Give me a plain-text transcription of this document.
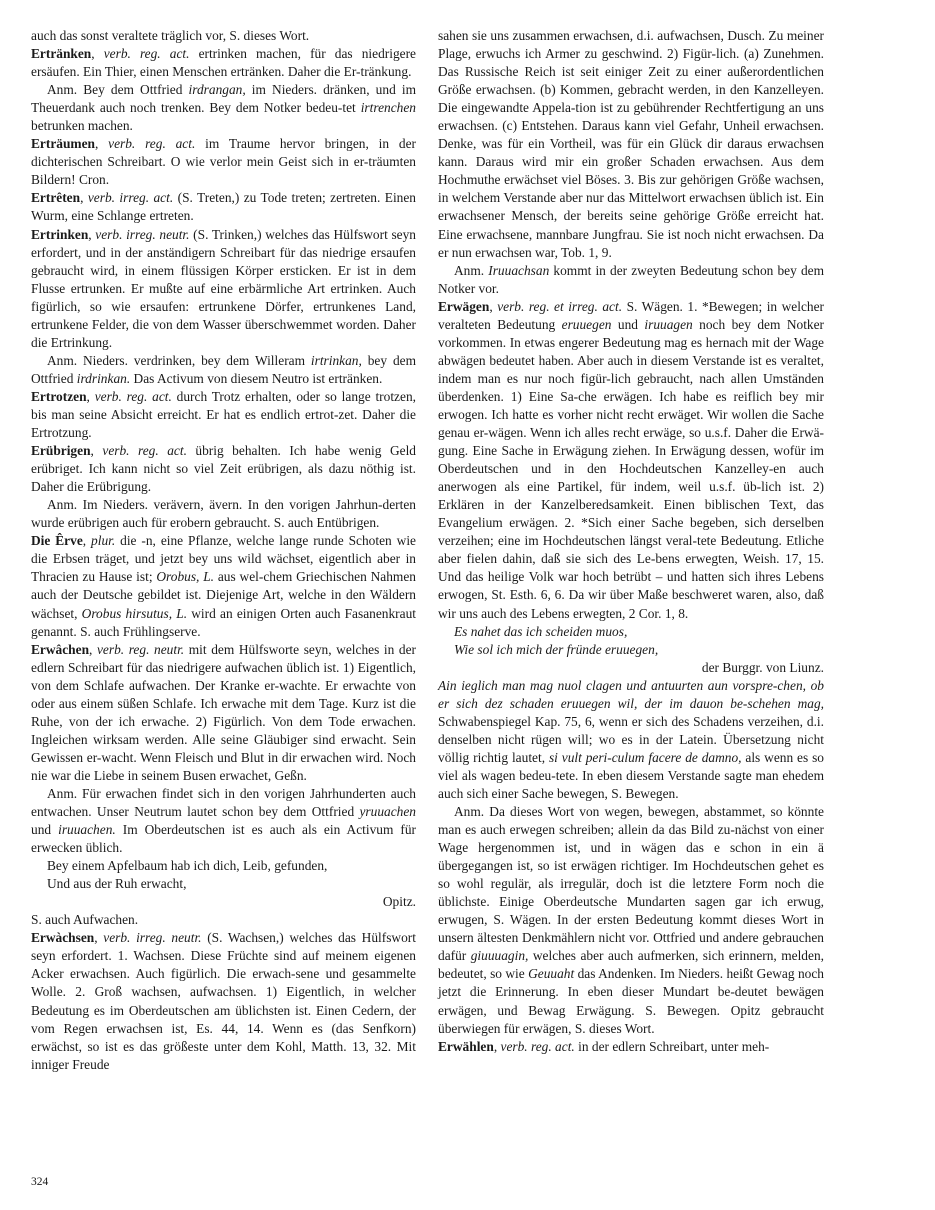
auch das sonst veraltete träglich vor, S. dieses Wort.

Ertränken, verb. reg. act. ertrinken machen, für das niedrigere ersäufen. Ein Thier, einen Menschen ertränken. Daher die Er-tränkung.

Anm. Bey dem Ottfried irdrangan, im Nieders. dränken, und im Theuerdank auch noch trenken. Bey dem Notker bedeu-tet irtrenchen betrunken machen.

Erträumen, verb. reg. act. im Traume hervor bringen, in der dichterischen Schreibart. O wie verlor mein Geist sich in er-träumten Bildern! Cron.

Ertrêten, verb. irreg. act. (S. Treten,) zu Tode treten; zertreten. Einen Wurm, eine Schlange ertreten.

Ertrinken, verb. irreg. neutr. (S. Trinken,) welches das Hülfswort seyn erfordert, und in der anständigern Schreibart für das niedrige ersaufen gebraucht wird, in einem flüssigen Körper ersticken. Er ist in dem Flusse ertrunken. Er mußte auf eine erbärmliche Art ertrinken. Auch figürlich, so wie ersaufen: ertrunkene Dörfer, ertrunkenes Land, ertrunkene Felder, die von dem Wasser überschwemmet worden. Daher die Ertrinkung.

Anm. Nieders. verdrinken, bey dem Willeram irtrinkan, bey dem Ottfried irdrinkan. Das Activum von diesem Neutro ist ertränken.

Ertrotzen, verb. reg. act. durch Trotz erhalten, oder so lange trotzen, bis man seine Absicht erreicht. Er hat es endlich ertrot-zet. Daher die Ertrotzung.

Erübrigen, verb. reg. act. übrig behalten. Ich habe wenig Geld erübriget. Ich kann nicht so viel Zeit erübrigen, als dazu nöthig ist. Daher die Erübrigung.

Anm. Im Nieders. verävern, ävern. In den vorigen Jahrhun-derten wurde erübrigen auch für erobern gebraucht. S. auch Entübrigen.

Die Êrve, plur. die -n, eine Pflanze, welche lange runde Schoten wie die Erbsen träget, und jetzt bey uns wild wächset, eigentlich aber in Thracien zu Hause ist; Orobus, L. aus wel-chem Griechischen Nahmen auch der Deutsche gebildet ist. Diejenige Art, welche in den Wäldern wächset, Orobus hirsutus, L. wird an einigen Orten auch Fasanenkraut genannt. S. auch Frühlingserve.

Erwâchen, verb. reg. neutr. mit dem Hülfsworte seyn, welches in der edlern Schreibart für das niedrigere aufwachen üblich ist. 1) Eigentlich, von dem Schlafe aufwachen. Der Kranke er-wachte. Er erwachte von oder aus einem süßen Schlafe. Ich erwache mit dem Tage. Kurz ist die Ruhe, von der ich erwache. 2) Figürlich. Von dem Tode erwachen. Ingleichen wirksam werden. Alle seine Gläubiger sind erwacht. Sein Gewissen er-wacht. Wenn Fleisch und Blut in dir erwachen wird. Noch nie war die Liebe in seinem Busen erwachet, Geßn.

Anm. Für erwachen findet sich in den vorigen Jahrhunderten auch entwachen. Unser Neutrum lautet schon bey dem Ottfried yruuachen und iruuachen. Im Oberdeutschen ist es auch als ein Activum für erwecken üblich.

Bey einem Apfelbaum hab ich dich, Leib, gefunden,

Und aus der Ruh erwacht,

Opitz.

S. auch Aufwachen.

Erwàchsen, verb. irreg. neutr. (S. Wachsen,) welches das Hülfswort seyn erfordert. 1. Wachsen. Diese Früchte sind auf meinem eigenen Acker erwachsen. Auch figürlich. Die erwach-sene und gesammelte Wolle. 2. Groß wachsen, aufwachsen. 1) Eigentlich, in welcher Bedeutung es im Oberdeutschen am üblichsten ist. Einen Cedern, der vom Regen erwachsen ist, Es. 44, 14. Wenn es (das Senfkorn) erwächst, so ist es das größeste unter dem Kohl, Matth. 13, 32. Mit inniger Freude

sahen sie uns zusammen erwachsen, d.i. aufwachsen, Dusch. Zu meiner Plage, erwuchs ich Armer zu geschwind. 2) Figür-lich. (a) Zunehmen. Das Russische Reich ist seit einiger Zeit zu einer außerordentlichen Größe erwachsen. (b) Kommen, gebracht werden, in den Kanzelleyen. Die eingewandte Appela-tion ist zu gebührender Rechtfertigung an uns erwachsen. (c) Entstehen. Daraus kann viel Gefahr, Unheil erwachsen. Denke, was für ein Vortheil, was für ein Glück dir daraus erwachsen kann. Daraus wird mir ein großer Schaden erwachsen. Aus dem Hochmuthe erwächset viel Böses. 3. Bis zur gehörigen Größe wachsen, in welchem Verstande aber nur das Mittelwort erwachsen üblich ist. Ein erwachsener Mensch, der bereits seine gehörige Größe erreicht hat. Eine erwachsene, mannbare Jungfrau. Sie ist noch nicht erwachsen. Da er nun erwachsen war, Tob. 1, 9.

Anm. Iruuachsan kommt in der zweyten Bedeutung schon bey dem Notker vor.

Erwägen, verb. reg. et irreg. act. S. Wägen. 1. *Bewegen; in welcher veralteten Bedeutung eruuegen und iruuagen noch bey dem Notker vorkommen. In etwas engerer Bedeutung mag es hernach mit der Wage abwägen bedeutet haben. Aber auch in diesem Verstande ist es veraltet, indem man es nur noch figür-lich gebraucht, nach allen Umständen überdenken. 1) Eine Sa-che erwägen. Ich habe es reiflich bey mir erwogen. Ich hatte es vorher nicht recht erwäget. Wir wollen die Sache genau er-wägen. Wenn ich alles recht erwäge, so u.s.f. Daher die Erwä-gung. Eine Sache in Erwägung ziehen. In Erwägung dessen, wofür im Oberdeutschen und in den Hochdeutschen Kanzelley-en auch anerwogen als eine Partikel, für indem, weil u.s.f. üb-lich ist. 2) Erklären in der Kanzelberedsamkeit. Einen biblischen Text, das Evangelium erwägen. 2. *Sich einer Sache begeben, sich derselben verzeihen; eine im Hochdeutschen längst veral-tete Bedeutung. Etliche aber fielen dahin, daß sie sich des Le-bens erwegten, Weish. 17, 15. Und das heilige Volk war hoch betrübt – und hatten sich ihres Lebens erwogen, St. Esth. 6, 6. Da wir über Maße beschweret waren, also, daß wir uns auch des Lebens erwegten, 2 Cor. 1, 8.

Es nahet das ich scheiden muos,

Wie sol ich mich der fründe eruuegen,

der Burggr. von Liunz.

Ain ieglich man mag nuol clagen und antuurten aun vorspre-chen, ob er sich dez schaden eruuegen wil, der im dauon be-schehen mag, Schwabenspiegel Kap. 75, 6, wenn er sich des Schadens verzeihen, d.i. denselben nicht rügen will; wo es in der Latein. Übersetzung nicht völlig richtig lautet, si vult peri-culum facere de damno, als wenn es so viel als wagen bedeu-tete. In eben diesem Verstande sagte man ehedem auch sich einer Sache bewegen, S. Bewegen.

Anm. Da dieses Wort von wegen, bewegen, abstammet, so könnte man es auch erwegen schreiben; allein da das Bild zu-nächst von einer Wage hergenommen ist, und in wägen das e schon in ein ä übergegangen ist, so ist erwägen richtiger. Im Hochdeutschen gehet es so wohl regulär, als irregulär, doch ist die letztere Form noch die üblichste. Einige Oberdeutsche Mundarten sagen gar ich erwug, erwugen, S. Wägen. In der ersten Bedeutung kommt dieses Wort in unsern ältesten Denkmählern nicht vor. Ottfried und andere gebrauchen dafür giuuuagin, welches aber auch aufmerken, sich erinnern, melden, bedeutet, so wie Geuuaht das Andenken. Im Nieders. heißt Gewag noch jetzt die Erinnerung. In eben dieser Mundart be-deutet bewägen erwägen, und Bewag Erwägung. S. Bewegen. Opitz gebraucht überwiegen für erwägen, S. dieses Wort.

Erwählen, verb. reg. act. in der edlern Schreibart, unter meh-

324
